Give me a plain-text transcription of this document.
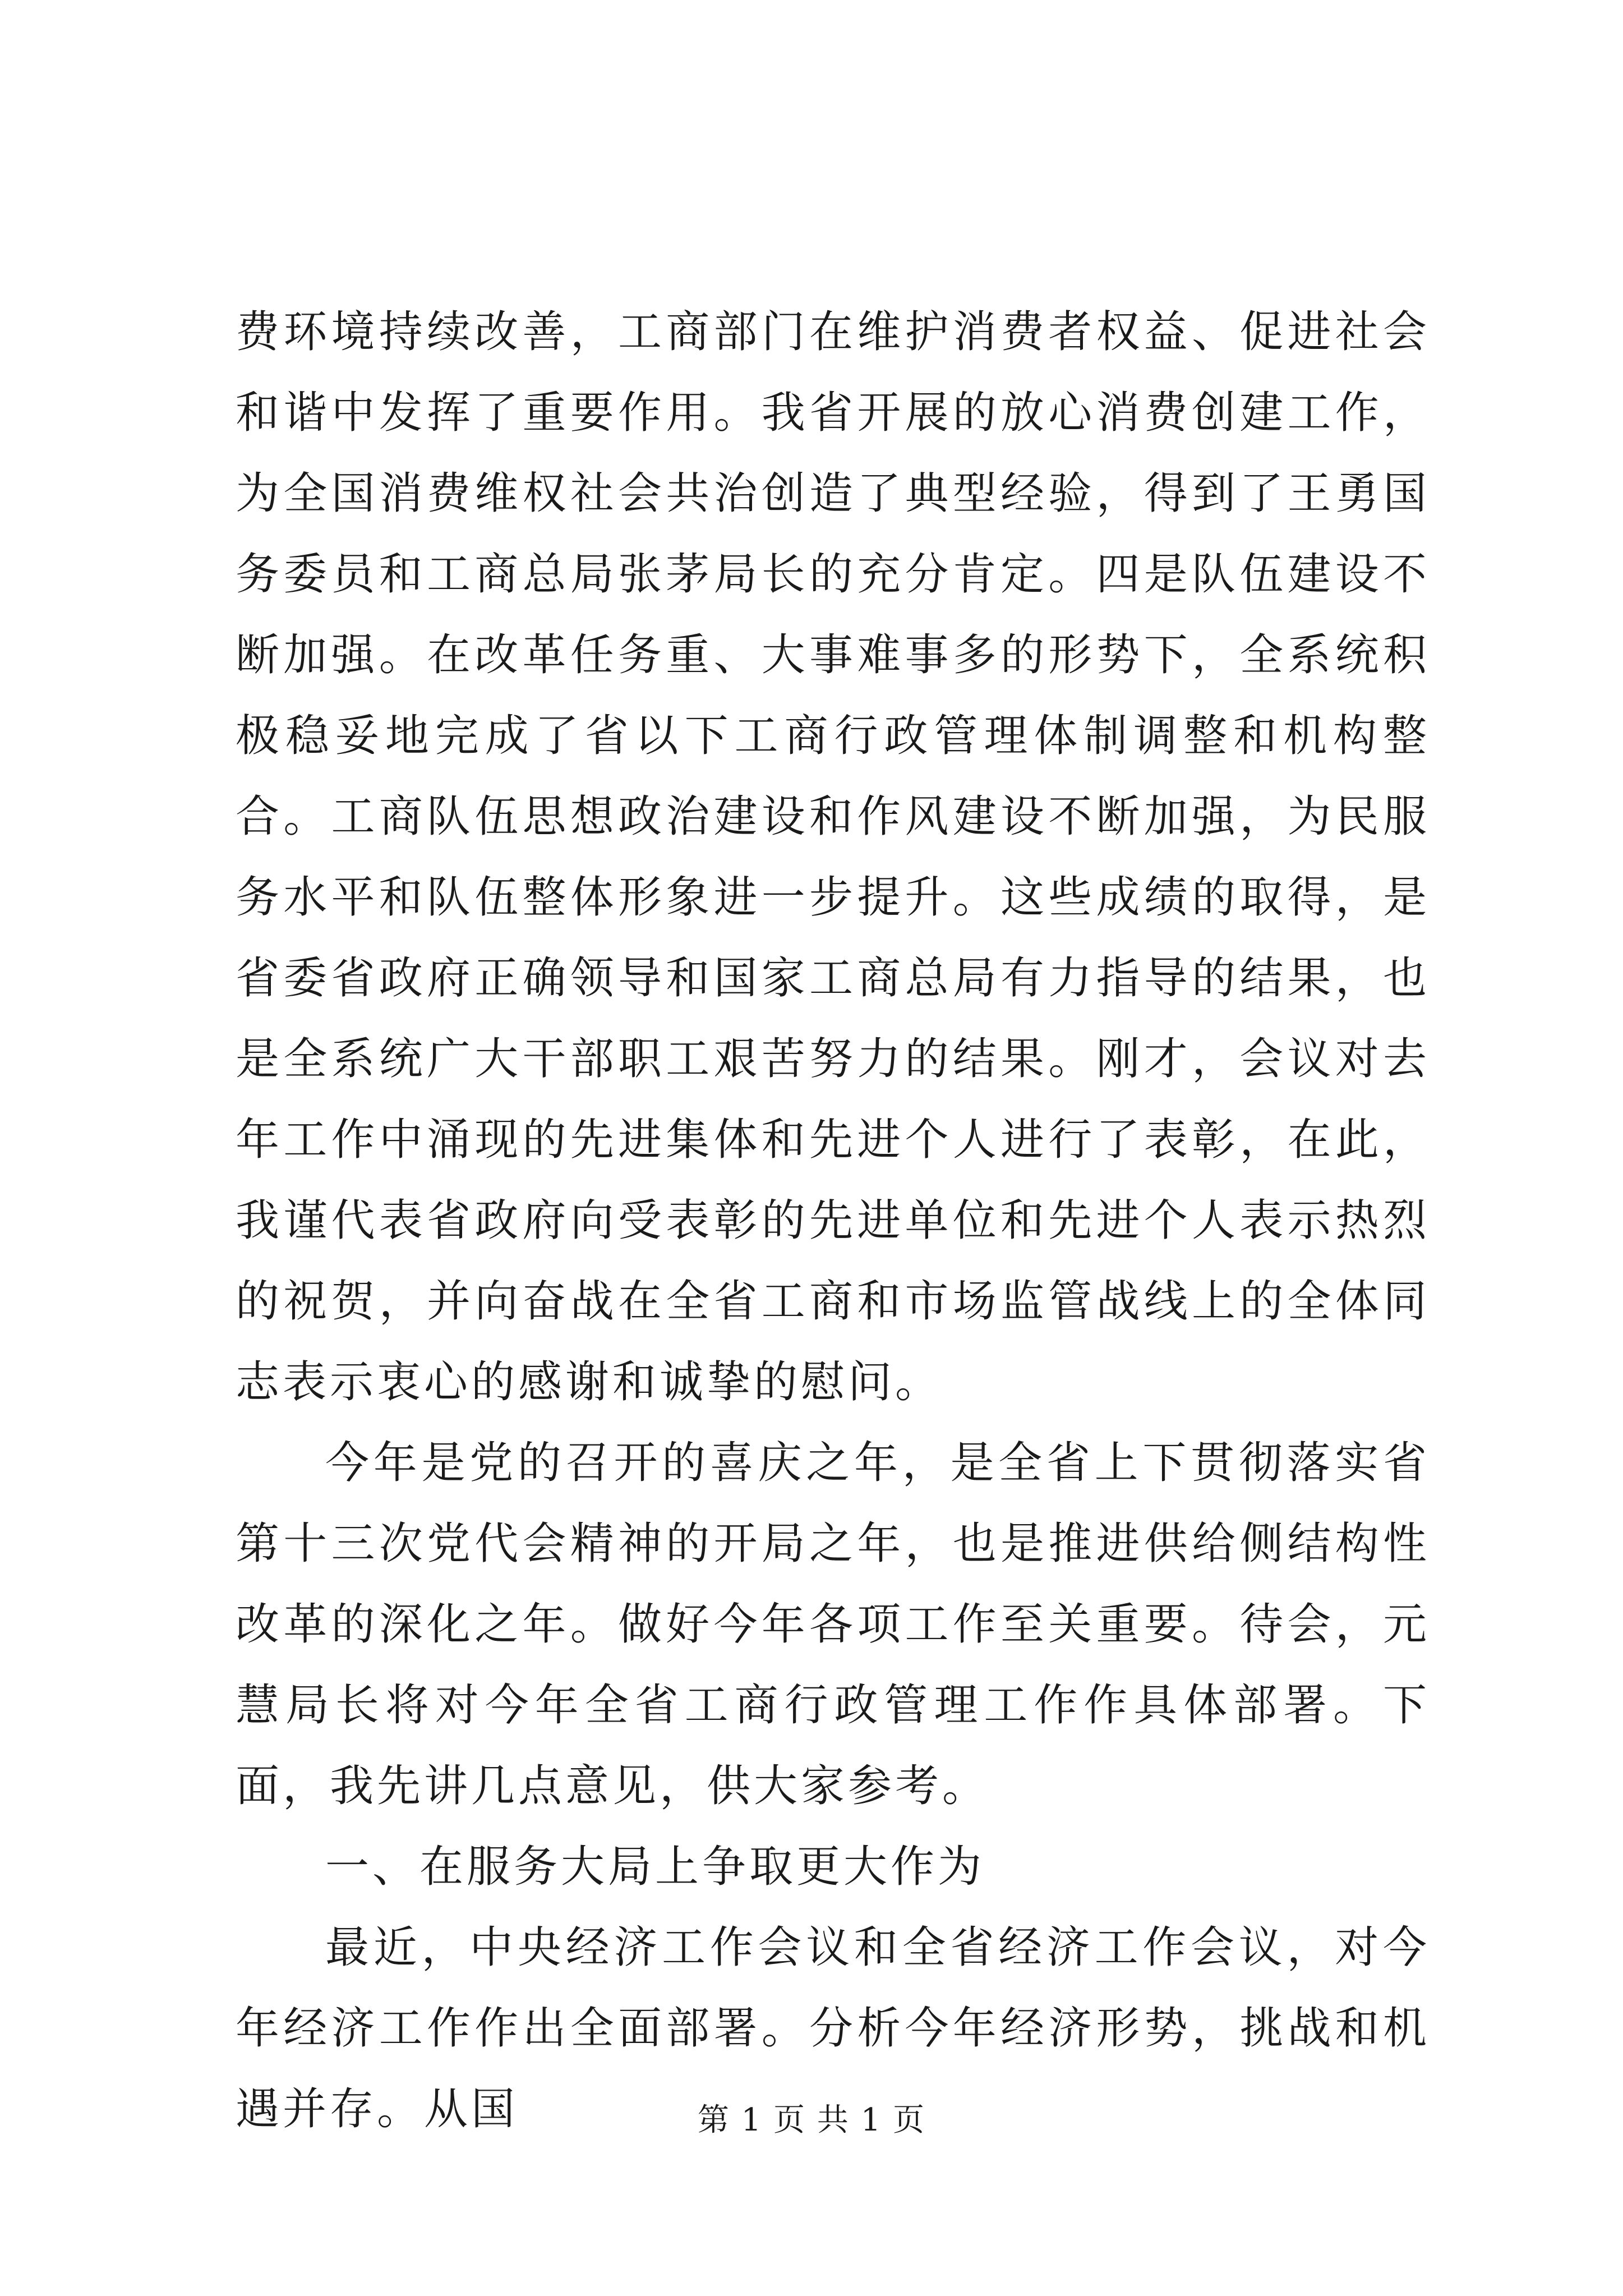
费环境持续改善，工商部门在维护消费者权益、促进社会和谐中发挥了重要作用。我省开展的放心消费创建工作，为全国消费维权社会共治创造了典型经验，得到了王勇国务委员和工商总局张茅局长的充分肯定。四是队伍建设不断加强。在改革任务重、大事难事多的形势下，全系统积极稳妥地完成了省以下工商行政管理体制调整和机构整合。工商队伍思想政治建设和作风建设不断加强，为民服务水平和队伍整体形象进一步提升。这些成绩的取得，是省委省政府正确领导和国家工商总局有力指导的结果，也是全系统广大干部职工艰苦努力的结果。刚才，会议对去年工作中涌现的先进集体和先进个人进行了表彰，在此，我谨代表省政府向受表彰的先进单位和先进个人表示热烈的祝贺，并向奋战在全省工商和市场监管战线上的全体同志表示衷心的感谢和诚挚的慰问。

今年是党的召开的喜庆之年，是全省上下贯彻落实省第十三次党代会精神的开局之年，也是推进供给侧结构性改革的深化之年。做好今年各项工作至关重要。待会，元慧局长将对今年全省工商行政管理工作作具体部署。下面，我先讲几点意见，供大家参考。

一、在服务大局上争取更大作为

最近，中央经济工作会议和全省经济工作会议，对今年经济工作作出全面部署。分析今年经济形势，挑战和机遇并存。从国	第 1 页 共 1 页
